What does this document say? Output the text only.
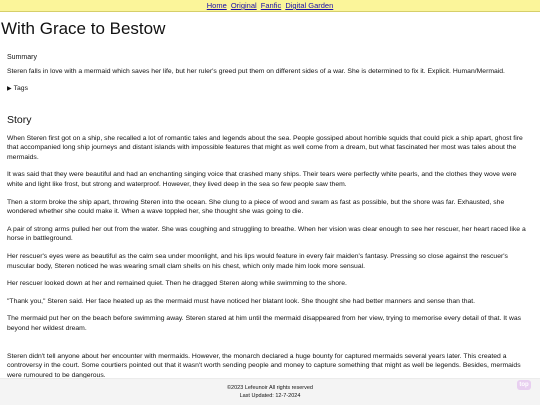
Home Original Fanfic Digital Garden
With Grace to Bestow
Summary
Steren falls in love with a mermaid which saves her life, but her ruler's greed put them on different sides of a war. She is determined to fix it. Explicit. Human/Mermaid.
▶ Tags
Story

When Steren first got on a ship, she recalled a lot of romantic tales and legends about the sea. People gossiped about horrible squids that could pick a ship apart, ghost fire that accompanied long ship journeys and distant islands with impossible features that might as well come from a dream, but what fascinated her most was tales about the mermaids.

It was said that they were beautiful and had an enchanting singing voice that crashed many ships. Their tears were perfectly white pearls, and the clothes they wove were white and light like frost, but strong and waterproof. However, they lived deep in the sea so few people saw them.

Then a storm broke the ship apart, throwing Steren into the ocean. She clung to a piece of wood and swam as fast as possible, but the shore was far. Exhausted, she wondered whether she could make it. When a wave toppled her, she thought she was going to die.

A pair of strong arms pulled her out from the water. She was coughing and struggling to breathe. When her vision was clear enough to see her rescuer, her heart raced like a horse in battleground.

Her rescuer's eyes were as beautiful as the calm sea under moonlight, and his lips would feature in every fair maiden's fantasy. Pressing so close against the rescuer's muscular body, Steren noticed he was wearing small clam shells on his chest, which only made him look more sensual.

Her rescuer looked down at her and remained quiet. Then he dragged Steren along while swimming to the shore.

"Thank you," Steren said. Her face heated up as the mermaid must have noticed her blatant look. She thought she had better manners and sense than that.

The mermaid put her on the beach before swimming away. Steren stared at him until the mermaid disappeared from her view, trying to memorise every detail of that. It was beyond her wildest dream.

Steren didn't tell anyone about her encounter with mermaids. However, the monarch declared a huge bounty for captured mermaids several years later. This created a controversy in the court. Some courtiers pointed out that it wasn't worth sending people and money to capture something that might as well be legends. Besides, mermaids were rumoured to be dangerous.

©2023 Lefeunoir All rights reserved
Last Updated: 12-7-2024
top
